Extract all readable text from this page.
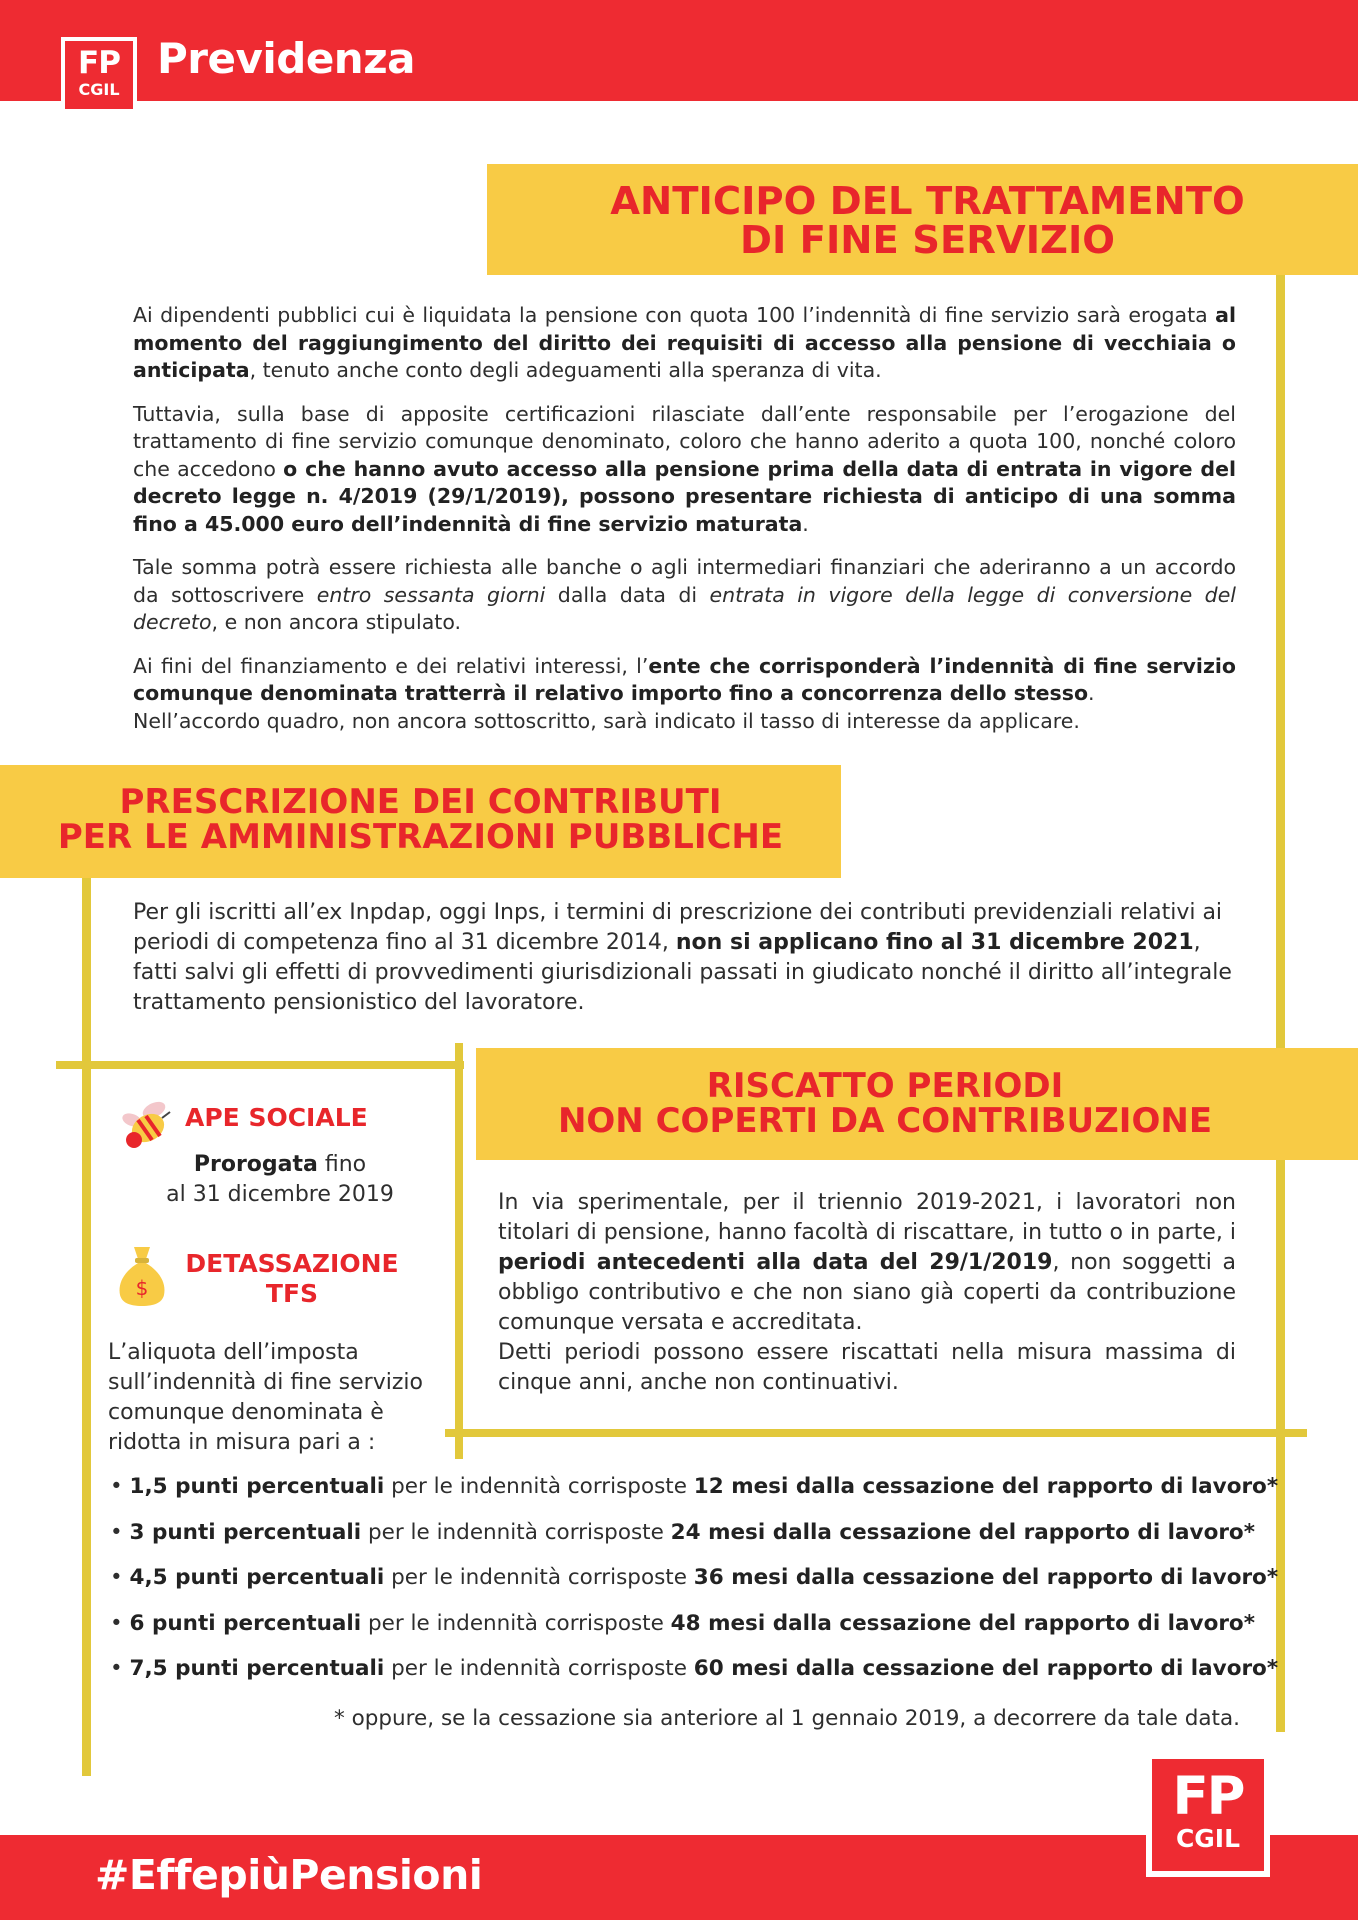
FP
CGIL
Previdenza
ANTICIPO DEL TRATTAMENTO
DI FINE SERVIZIO

Ai dipendenti pubblici cui è liquidata la pensione con quota 100 l’indennità di fine servizio sarà erogata al momento del raggiungimento del diritto dei requisiti di accesso alla pensione di vecchiaia o anticipata, tenuto anche conto degli adeguamenti alla speranza di vita.

Tuttavia, sulla base di apposite certificazioni rilasciate dall’ente responsabile per l’erogazione del trattamento di fine servizio comunque denominato, coloro che hanno aderito a quota 100, nonché coloro che accedono o che hanno avuto accesso alla pensione prima della data di entrata in vigore del decreto legge n. 4/2019 (29/1/2019), possono presentare richiesta di anticipo di una somma fino a 45.000 euro dell’indennità di fine servizio maturata.

Tale somma potrà essere richiesta alle banche o agli intermediari finanziari che aderiranno a un accordo da sottoscrivere entro sessanta giorni dalla data di entrata in vigore della legge di conversione del decreto, e non ancora stipulato.

Ai fini del finanziamento e dei relativi interessi, l’ente che corrisponderà l’indennità di fine servizio comunque denominata tratterrà il relativo importo fino a concorrenza dello stesso.
Nell’accordo quadro, non ancora sottoscritto, sarà indicato il tasso di interesse da applicare.

PRESCRIZIONE DEI CONTRIBUTI
PER LE AMMINISTRAZIONI PUBBLICHE
Per gli iscritti all’ex Inpdap, oggi Inps, i termini di prescrizione dei contributi previdenziali relativi ai periodi di competenza fino al 31 dicembre 2014, non si applicano fino al 31 dicembre 2021, fatti salvi gli effetti di provvedimenti giurisdizionali passati in giudicato nonché il diritto all’integrale trattamento pensionistico del lavoratore.
APE SOCIALE
Prorogata fino
al 31 dicembre 2019
$
DETASSAZIONE
TFS
L’aliquota dell’imposta sull’indennità di fine servizio comunque denominata è ridotta in misura pari a :
RISCATTO PERIODI
NON COPERTI DA CONTRIBUZIONE
In via sperimentale, per il triennio 2019-2021, i lavoratori non titolari di pensione, hanno facoltà di riscattare, in tutto o in parte, i periodi antecedenti alla data del 29/1/2019, non soggetti a obbligo contributivo e che non siano già coperti da contribuzione comunque versata e accreditata.
Detti periodi possono essere riscattati nella misura massima di cinque anni, anche non continuativi.
• 1,5 punti percentuali per le indennità corrisposte 12 mesi dalla cessazione del rapporto di lavoro*
• 3 punti percentuali per le indennità corrisposte 24 mesi dalla cessazione del rapporto di lavoro*
• 4,5 punti percentuali per le indennità corrisposte 36 mesi dalla cessazione del rapporto di lavoro*
• 6 punti percentuali per le indennità corrisposte 48 mesi dalla cessazione del rapporto di lavoro*
• 7,5 punti percentuali per le indennità corrisposte 60 mesi dalla cessazione del rapporto di lavoro*
* oppure, se la cessazione sia anteriore al 1 gennaio 2019, a decorrere da tale data.
#EffepiùPensioni
FP
CGIL
